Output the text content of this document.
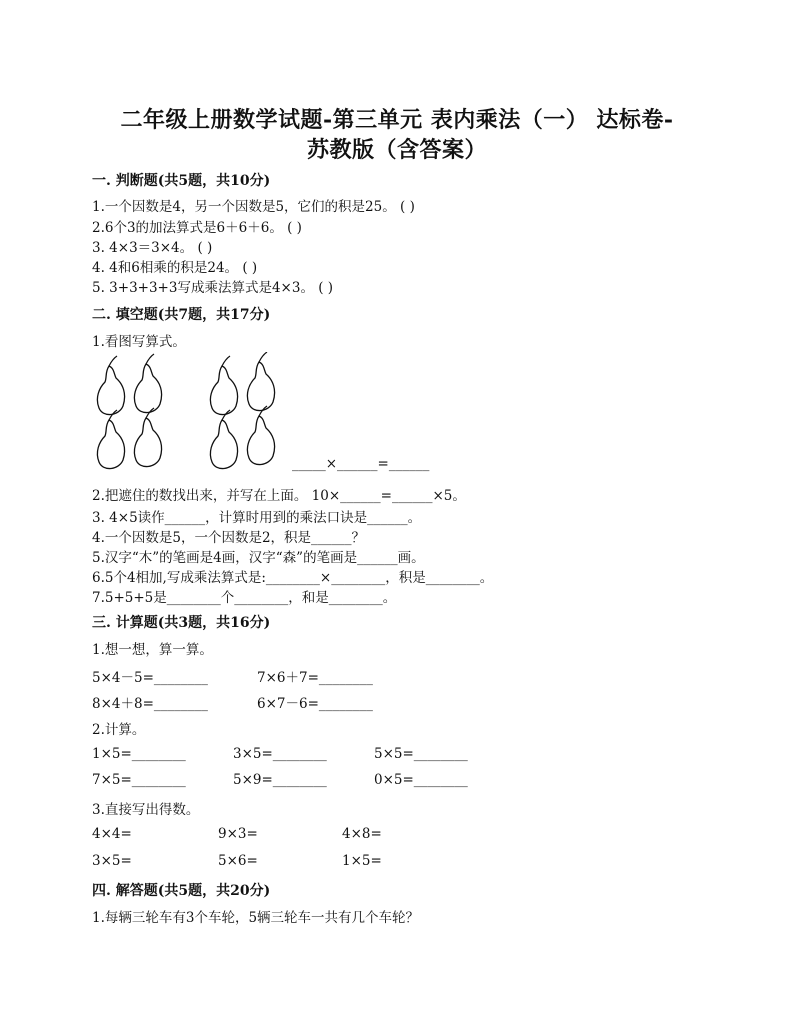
二年级上册数学试题-第三单元 表内乘法（一） 达标卷-
苏教版（含答案）
一. 判断题(共5题，共10分)
1.一个因数是4，另一个因数是5，它们的积是25。 ( )
2.6个3的加法算式是6＋6＋6。 ( )
3. 4×3＝3×4。 ( )
4. 4和6相乘的积是24。 ( )
5. 3+3+3+3写成乘法算式是4×3。 ( )
二. 填空题(共7题，共17分)
1.看图写算式。
_____×______=______
2.把遮住的数找出来，并写在上面。 10×______=______×5。
3. 4×5读作______，计算时用到的乘法口诀是______。
4.一个因数是5，一个因数是2，积是______？
5.汉字“木”的笔画是4画，汉字“森”的笔画是______画。
6.5个4相加,写成乘法算式是:________×________，积是________。
7.5+5+5是________个________，和是________。
三. 计算题(共3题，共16分)
1.想一想，算一算。
5×4－5=________	7×6＋7=________
8×4＋8=________	6×7－6=________
2.计算。
1×5=________	3×5=________	5×5=________
7×5=________	5×9=________	0×5=________
3.直接写出得数。
4×4=	9×3=	4×8=
3×5=	5×6=	1×5=
四. 解答题(共5题，共20分)
1.每辆三轮车有3个车轮，5辆三轮车一共有几个车轮？
